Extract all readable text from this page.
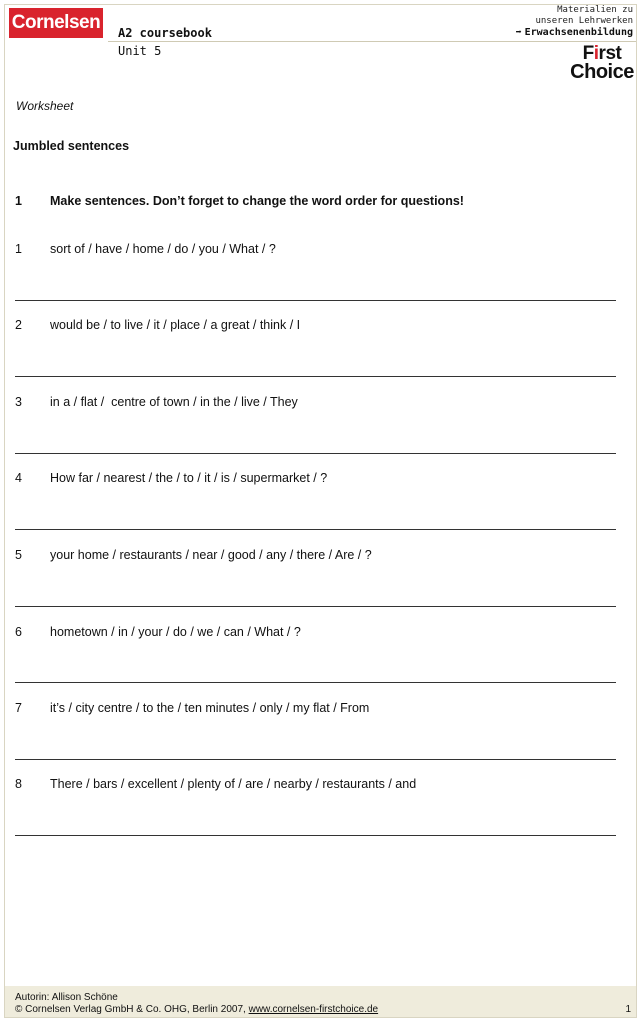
Cornelsen A2 coursebook
Unit 5
Materialien zu
unseren Lehrwerken
➡ Erwachsenenbildung
First
Choice
Worksheet
Jumbled sentences
1 Make sentences. Don’t forget to change the word order for questions!
1 sort of / have / home / do / you / What / ?
2 would be / to live / it / place / a great / think / I
3 in a / flat /  centre of town / in the / live / They
4 How far / nearest / the / to / it / is / supermarket / ?
5 your home / restaurants / near / good / any / there / Are / ?
6 hometown / in / your / do / we / can / What / ?
7 it’s / city centre / to the / ten minutes / only / my flat / From
8 There / bars / excellent / plenty of / are / nearby / restaurants / and
Autorin: Allison Schöne
© Cornelsen Verlag GmbH & Co. OHG, Berlin 2007, www.cornelsen-firstchoice.de	1
